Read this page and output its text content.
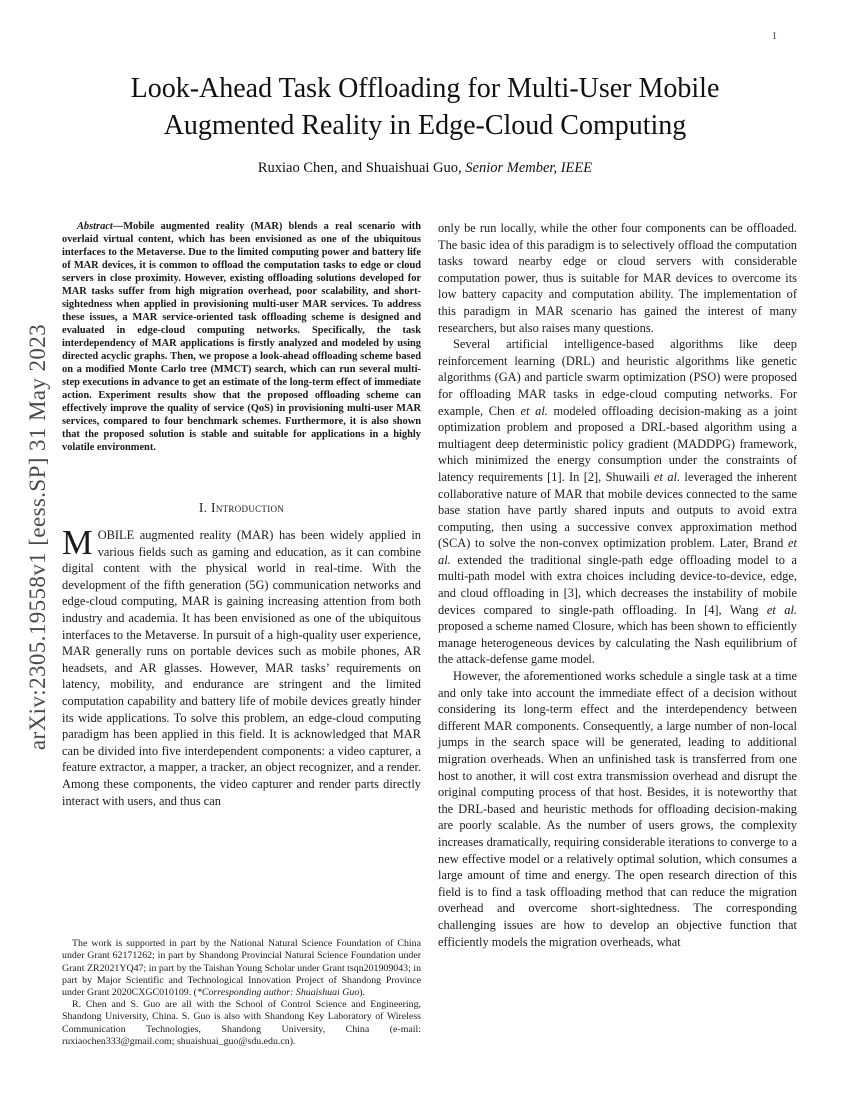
1
arXiv:2305.19558v1 [eess.SP] 31 May 2023
Look-Ahead Task Offloading for Multi-User Mobile
Augmented Reality in Edge-Cloud Computing
Ruxiao Chen, and Shuaishuai Guo, Senior Member, IEEE

Abstract—Mobile augmented reality (MAR) blends a real scenario with overlaid virtual content, which has been envisioned as one of the ubiquitous interfaces to the Metaverse. Due to the limited computing power and battery life of MAR devices, it is common to offload the computation tasks to edge or cloud servers in close proximity. However, existing offloading solutions developed for MAR tasks suffer from high migration overhead, poor scalability, and short-sightedness when applied in provisioning multi-user MAR services. To address these issues, a MAR service-oriented task offloading scheme is designed and evaluated in edge-cloud computing networks. Specifically, the task interdependency of MAR applications is firstly analyzed and modeled by using directed acyclic graphs. Then, we propose a look-ahead offloading scheme based on a modified Monte Carlo tree (MMCT) search, which can run several multi-step executions in advance to get an estimate of the long-term effect of immediate action. Experiment results show that the proposed offloading scheme can effectively improve the quality of service (QoS) in provisioning multi-user MAR services, compared to four benchmark schemes. Furthermore, it is also shown that the proposed solution is stable and suitable for applications in a highly volatile environment.

I. Introduction

MOBILE augmented reality (MAR) has been widely applied in various fields such as gaming and education, as it can combine digital content with the physical world in real-time. With the development of the fifth generation (5G) communication networks and edge-cloud computing, MAR is gaining increasing attention from both industry and academia. It has been envisioned as one of the ubiquitous interfaces to the Metaverse. In pursuit of a high-quality user experience, MAR generally runs on portable devices such as mobile phones, AR headsets, and AR glasses. However, MAR tasks’ requirements on latency, mobility, and endurance are stringent and the limited computation capability and battery life of mobile devices greatly hinder its wide applications. To solve this problem, an edge-cloud computing paradigm has been applied in this field. It is acknowledged that MAR can be divided into five interdependent components: a video capturer, a feature extractor, a mapper, a tracker, an object recognizer, and a render. Among these components, the video capturer and render parts directly interact with users, and thus can

The work is supported in part by the National Natural Science Foundation of China under Grant 62171262; in part by Shandong Provincial Natural Science Foundation under Grant ZR2021YQ47; in part by the Taishan Young Scholar under Grant tsqn201909043; in part by Major Scientific and Technological Innovation Project of Shandong Province under Grant 2020CXGC010109. (*Corresponding author: Shuaishuai Guo).

R. Chen and S. Guo are all with the School of Control Science and Engineering, Shandong University, China. S. Guo is also with Shandong Key Laboratory of Wireless Communication Technologies, Shandong University, China (e-mail: ruxiaochen333@gmail.com; shuaishuai_guo@sdu.edu.cn).

only be run locally, while the other four components can be offloaded. The basic idea of this paradigm is to selectively offload the computation tasks toward nearby edge or cloud servers with considerable computation power, thus is suitable for MAR devices to overcome its low battery capacity and computation ability. The implementation of this paradigm in MAR scenario has gained the interest of many researchers, but also raises many questions.

Several artificial intelligence-based algorithms like deep reinforcement learning (DRL) and heuristic algorithms like genetic algorithms (GA) and particle swarm optimization (PSO) were proposed for offloading MAR tasks in edge-cloud computing networks. For example, Chen et al. modeled offloading decision-making as a joint optimization problem and proposed a DRL-based algorithm using a multiagent deep deterministic policy gradient (MADDPG) framework, which minimized the energy consumption under the constraints of latency requirements [1]. In [2], Shuwaili et al. leveraged the inherent collaborative nature of MAR that mobile devices connected to the same base station have partly shared inputs and outputs to avoid extra computing, then using a successive convex approximation method (SCA) to solve the non-convex optimization problem. Later, Brand et al. extended the traditional single-path edge offloading model to a multi-path model with extra choices including device-to-device, edge, and cloud offloading in [3], which decreases the instability of mobile devices compared to single-path offloading. In [4], Wang et al. proposed a scheme named Closure, which has been shown to efficiently manage heterogeneous devices by calculating the Nash equilibrium of the attack-defense game model.

However, the aforementioned works schedule a single task at a time and only take into account the immediate effect of a decision without considering its long-term effect and the interdependency between different MAR components. Consequently, a large number of non-local jumps in the search space will be generated, leading to additional migration overheads. When an unfinished task is transferred from one host to another, it will cost extra transmission overhead and disrupt the original computing process of that host. Besides, it is noteworthy that the DRL-based and heuristic methods for offloading decision-making are poorly scalable. As the number of users grows, the complexity increases dramatically, requiring considerable iterations to converge to a new effective model or a relatively optimal solution, which consumes a large amount of time and energy. The open research direction of this field is to find a task offloading method that can reduce the migration overhead and overcome short-sightedness. The corresponding challenging issues are how to develop an objective function that efficiently models the migration overheads, what
